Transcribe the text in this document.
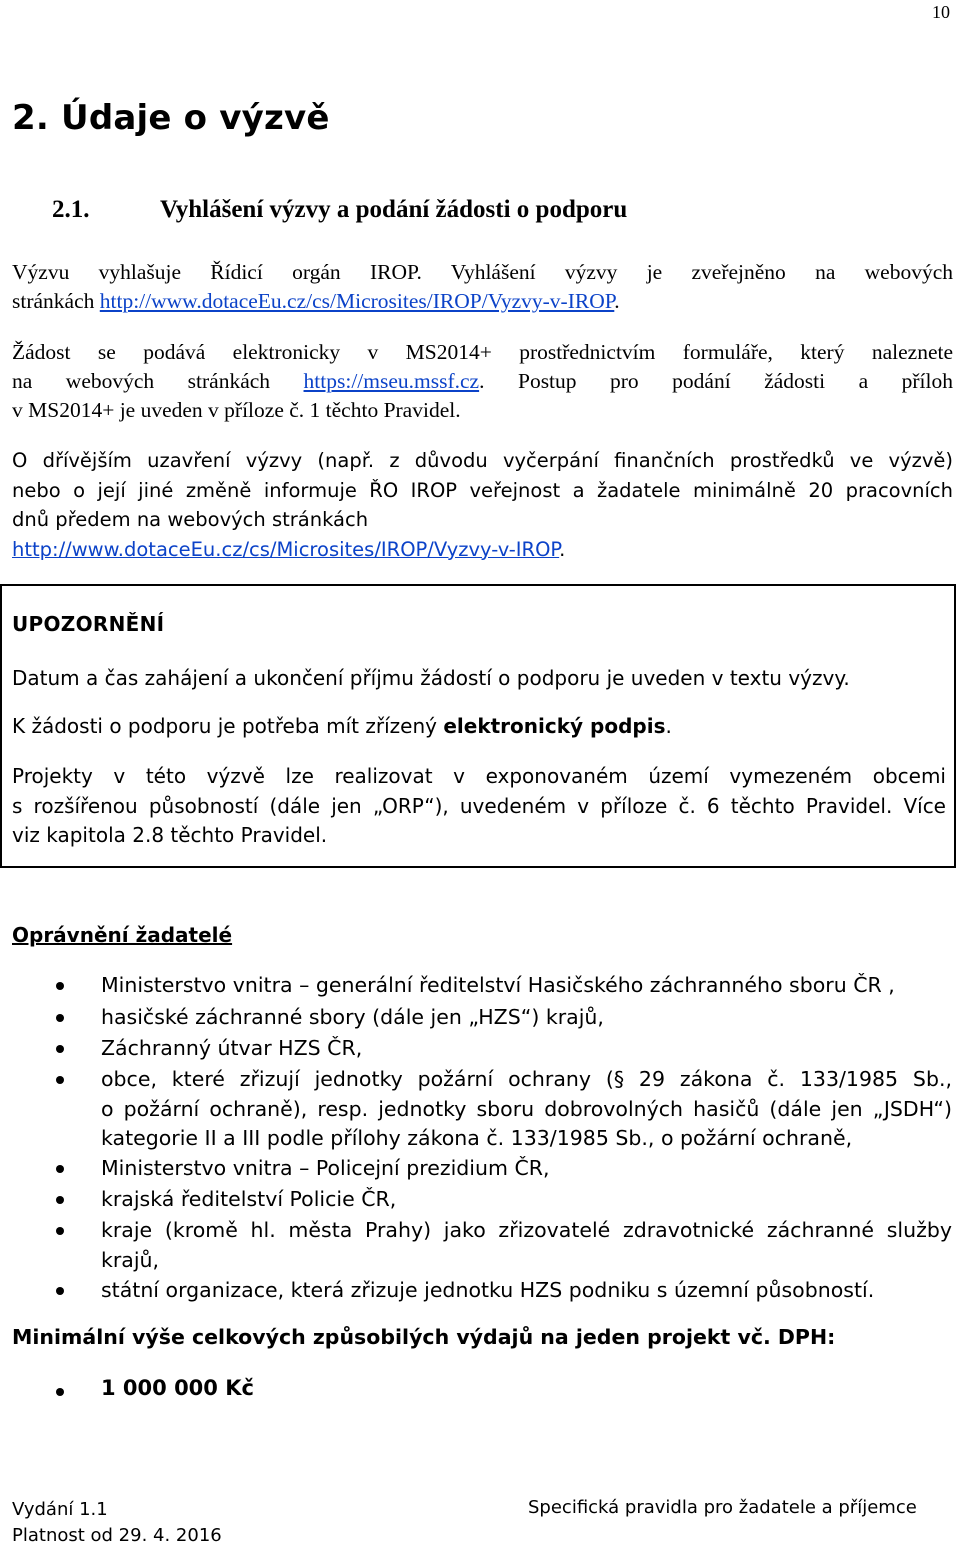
10
2. Údaje o výzvě
2.1.	Vyhlášení výzvy a podání žádosti o podporu
Výzvu vyhlašuje Řídicí orgán IROP. Vyhlášení výzvy je zveřejněno na webových
stránkách http://www.dotaceEu.cz/cs/Microsites/IROP/Vyzvy-v-IROP.
Žádost se podává elektronicky v MS2014+ prostřednictvím formuláře, který naleznete
na webových stránkách https://mseu.mssf.cz. Postup pro podání žádosti a příloh
v MS2014+ je uveden v příloze č. 1 těchto Pravidel.
O dřívějším uzavření výzvy (např. z důvodu vyčerpání finančních prostředků ve výzvě)
nebo o její jiné změně informuje ŘO IROP veřejnost a žadatele minimálně 20 pracovních
dnů předem na webových stránkách
http://www.dotaceEu.cz/cs/Microsites/IROP/Vyzvy-v-IROP.
UPOZORNĚNÍ
Datum a čas zahájení a ukončení příjmu žádostí o podporu je uveden v textu výzvy.
K žádosti o podporu je potřeba mít zřízený elektronický podpis.
Projekty v této výzvě lze realizovat v exponovaném území vymezeném obcemi
s rozšířenou působností (dále jen „ORP“), uvedeném v příloze č. 6 těchto Pravidel. Více
viz kapitola 2.8 těchto Pravidel.
Oprávnění žadatelé
Ministerstvo vnitra – generální ředitelství Hasičského záchranného sboru ČR ,
hasičské záchranné sbory (dále jen „HZS“) krajů,
Záchranný útvar HZS ČR,
obce, které zřizují jednotky požární ochrany (§ 29 zákona č. 133/1985 Sb.,
o požární ochraně), resp. jednotky sboru dobrovolných hasičů (dále jen „JSDH“)
kategorie II a III podle přílohy zákona č. 133/1985 Sb., o požární ochraně,
Ministerstvo vnitra – Policejní prezidium ČR,
krajská ředitelství Policie ČR,
kraje (kromě hl. města Prahy) jako zřizovatelé zdravotnické záchranné služby
krajů,
státní organizace, která zřizuje jednotku HZS podniku s územní působností.
Minimální výše celkových způsobilých výdajů na jeden projekt vč. DPH:
1 000 000 Kč
Vydání 1.1
Platnost od 29. 4. 2016
Specifická pravidla pro žadatele a příjemce
